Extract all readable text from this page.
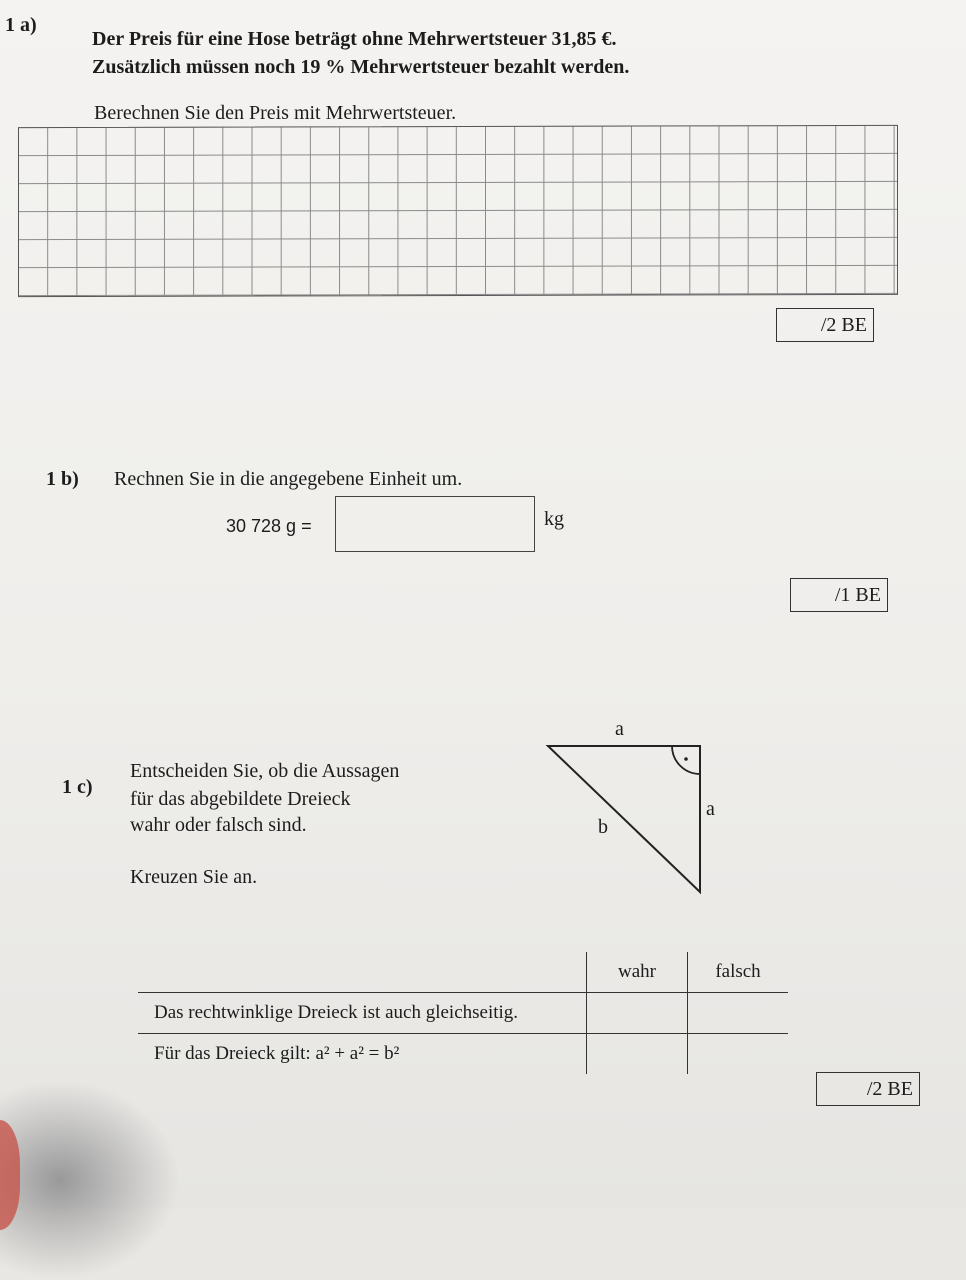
1 a)
Der Preis für eine Hose beträgt ohne Mehrwertsteuer 31,85 €.
Zusätzlich müssen noch 19 % Mehrwertsteuer bezahlt werden.
Berechnen Sie den Preis mit Mehrwertsteuer.
/2 BE
1 b) Rechnen Sie in die angegebene Einheit um.
30 728 g =	kg
/1 BE
1 c)
Entscheiden Sie, ob die Aussagen
für das abgebildete Dreieck
wahr oder falsch sind.
Kreuzen Sie an.
a
a
b
	wahr	falsch
Das rechtwinklige Dreieck ist auch gleichseitig.		
Für das Dreieck gilt: a² + a² = b²		
/2 BE
